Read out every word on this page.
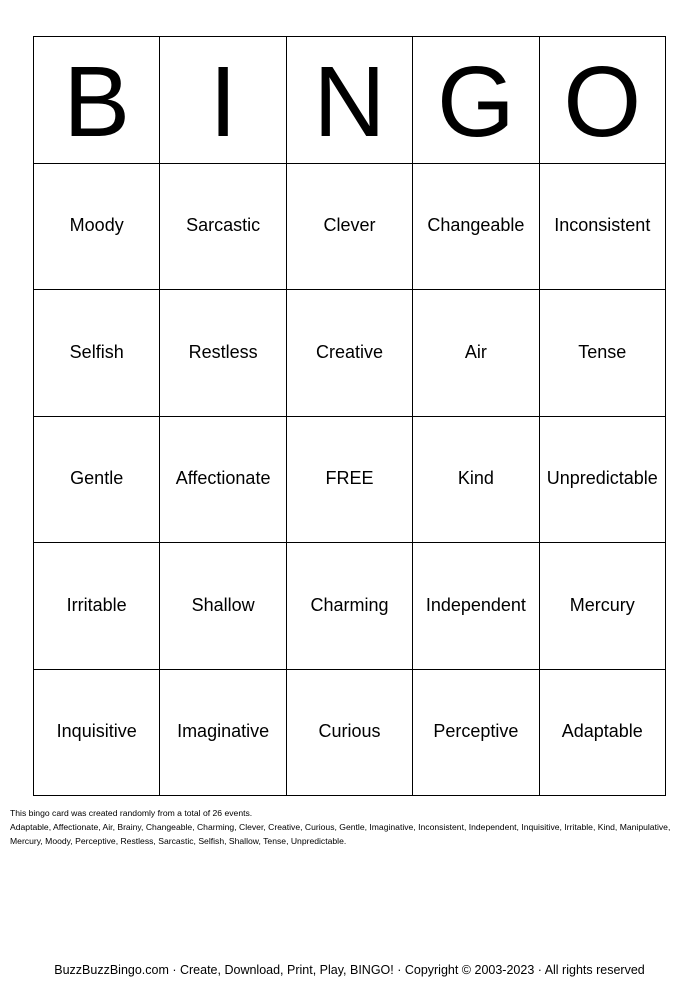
B I N G O
Moody	Sarcastic	Clever	Changeable	Inconsistent
Selfish	Restless	Creative	Air	Tense
Gentle	Affectionate	FREE	Kind	Unpredictable
Irritable	Shallow	Charming	Independent	Mercury
Inquisitive	Imaginative	Curious	Perceptive	Adaptable

This bingo card was created randomly from a total of 26 events.

Adaptable, Affectionate, Air, Brainy, Changeable, Charming, Clever, Creative, Curious, Gentle, Imaginative, Inconsistent, Independent, Inquisitive, Irritable, Kind, Manipulative, Mercury, Moody, Perceptive, Restless, Sarcastic, Selfish, Shallow, Tense, Unpredictable.

BuzzBuzzBingo.com · Create, Download, Print, Play, BINGO! · Copyright © 2003-2023 · All rights reserved
